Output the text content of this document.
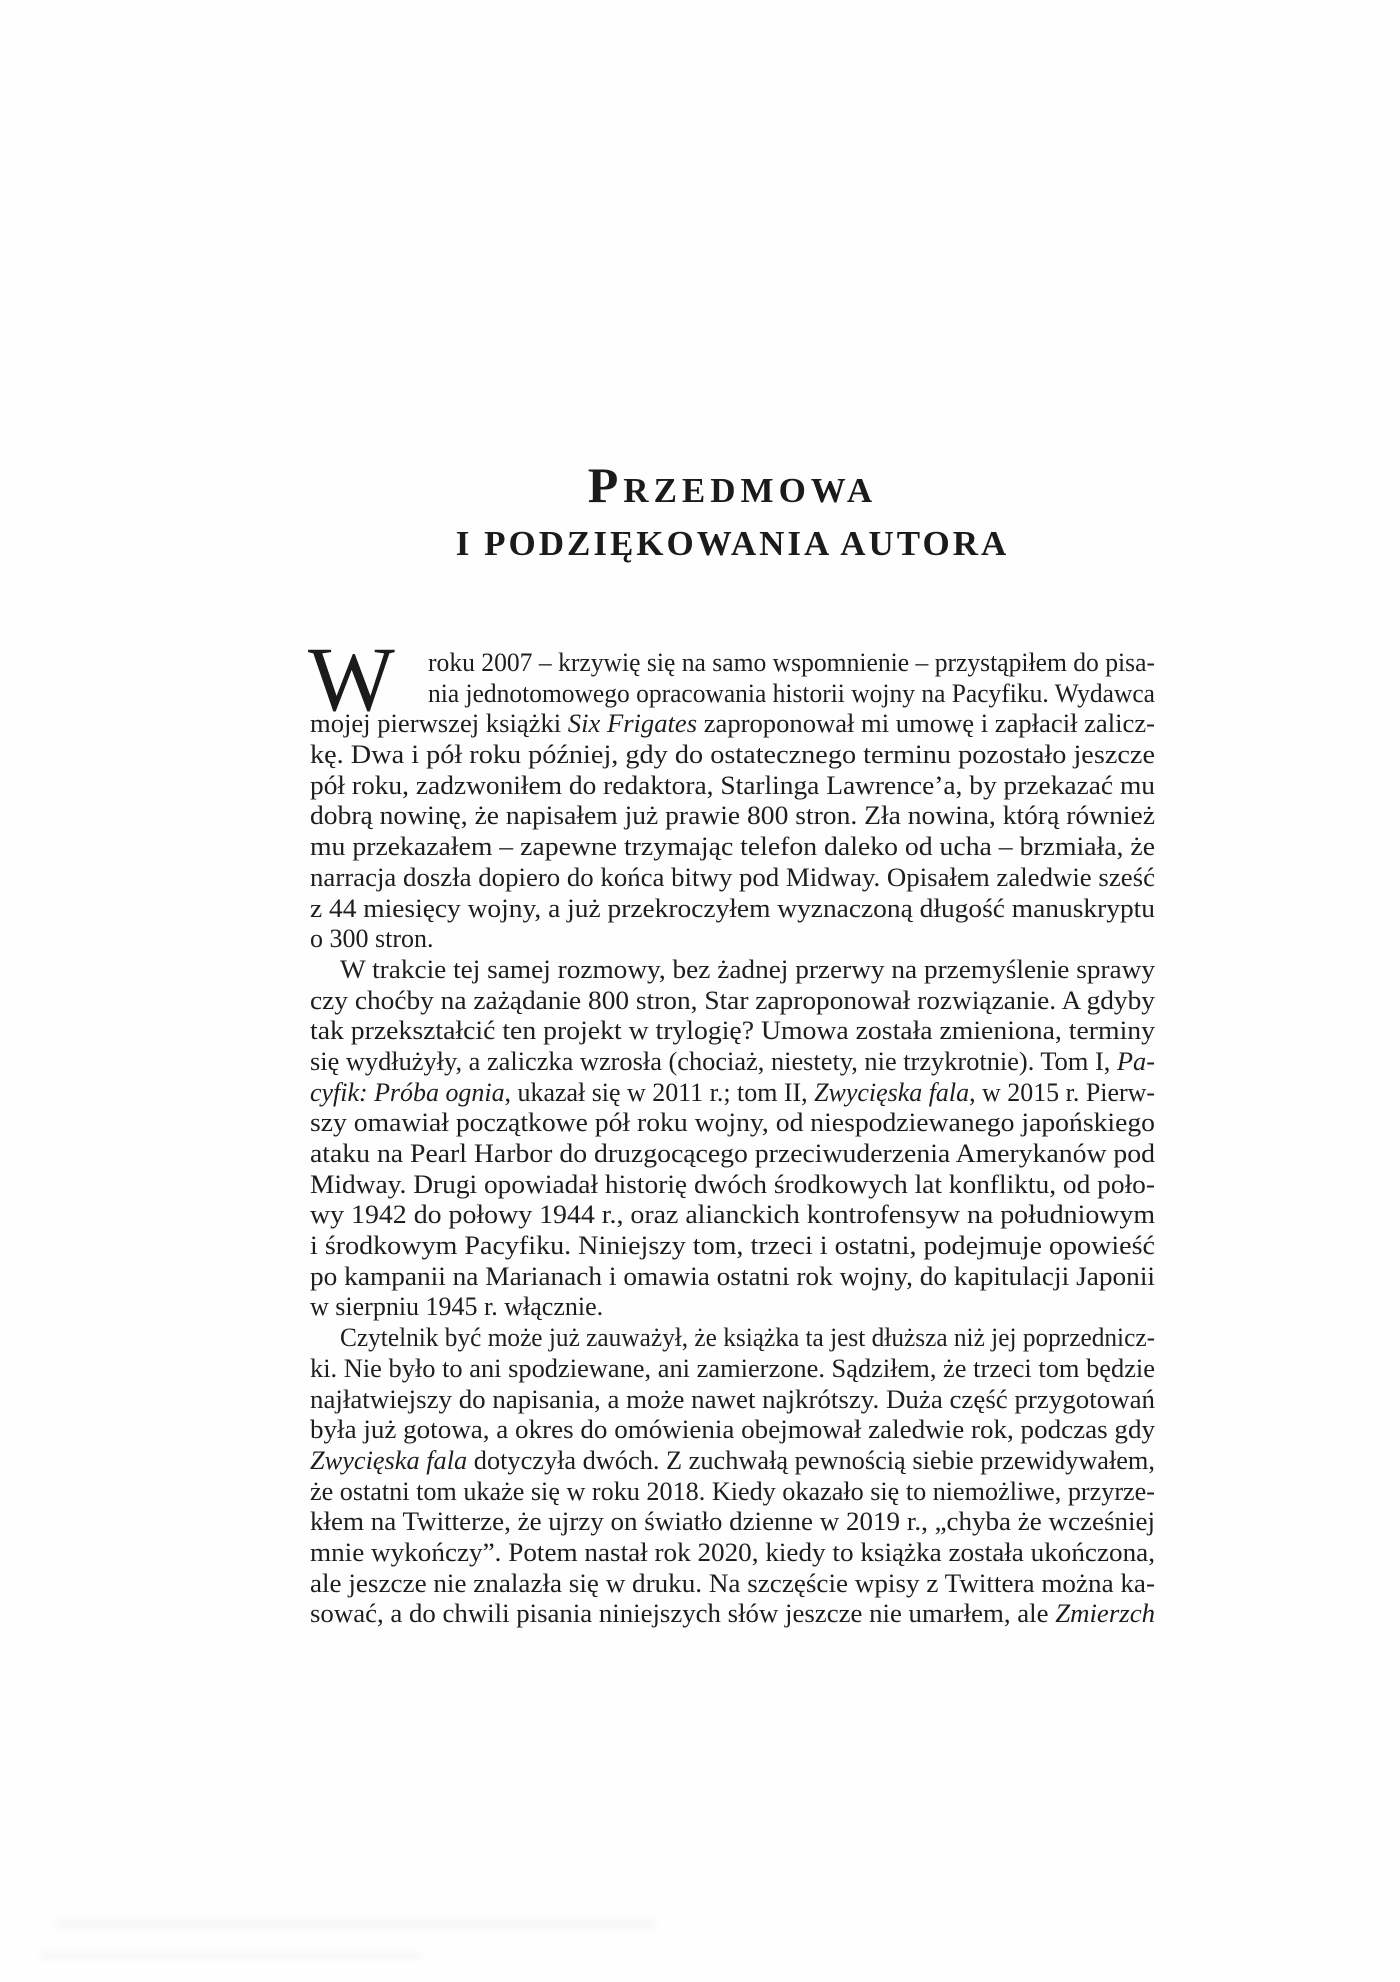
Przedmowa
I PODZIĘKOWANIA AUTORA
W	roku 2007 – krzywię się na samo wspomnienie – przystąpiłem do pisa-
nia jednotomowego opracowania historii wojny na Pacyfiku. Wydawca
mojej pierwszej książki Six Frigates zaproponował mi umowę i zapłacił zalicz-
kę. Dwa i pół roku później, gdy do ostatecznego terminu pozostało jeszcze
pół roku, zadzwoniłem do redaktora, Starlinga Lawrence’a, by przekazać mu
dobrą nowinę, że napisałem już prawie 800 stron. Zła nowina, którą również
mu przekazałem – zapewne trzymając telefon daleko od ucha – brzmiała, że
narracja doszła dopiero do końca bitwy pod Midway. Opisałem zaledwie sześć
z 44 miesięcy wojny, a już przekroczyłem wyznaczoną długość manuskryptu
o 300 stron.
W trakcie tej samej rozmowy, bez żadnej przerwy na przemyślenie sprawy
czy choćby na zażądanie 800 stron, Star zaproponował rozwiązanie. A gdyby
tak przekształcić ten projekt w trylogię? Umowa została zmieniona, terminy
się wydłużyły, a zaliczka wzrosła (chociaż, niestety, nie trzykrotnie). Tom I, Pa-
cyfik: Próba ognia, ukazał się w 2011 r.; tom II, Zwycięska fala, w 2015 r. Pierw-
szy omawiał początkowe pół roku wojny, od niespodziewanego japońskiego
ataku na Pearl Harbor do druzgocącego przeciwuderzenia Amerykanów pod
Midway. Drugi opowiadał historię dwóch środkowych lat konfliktu, od poło-
wy 1942 do połowy 1944 r., oraz alianckich kontrofensyw na południowym
i środkowym Pacyfiku. Niniejszy tom, trzeci i ostatni, podejmuje opowieść
po kampanii na Marianach i omawia ostatni rok wojny, do kapitulacji Japonii
w sierpniu 1945 r. włącznie.
Czytelnik być może już zauważył, że książka ta jest dłuższa niż jej poprzednicz-
ki. Nie było to ani spodziewane, ani zamierzone. Sądziłem, że trzeci tom będzie
najłatwiejszy do napisania, a może nawet najkrótszy. Duża część przygotowań
była już gotowa, a okres do omówienia obejmował zaledwie rok, podczas gdy
Zwycięska fala dotyczyła dwóch. Z zuchwałą pewnością siebie przewidywałem,
że ostatni tom ukaże się w roku 2018. Kiedy okazało się to niemożliwe, przyrze-
kłem na Twitterze, że ujrzy on światło dzienne w 2019 r., „chyba że wcześniej
mnie wykończy”. Potem nastał rok 2020, kiedy to książka została ukończona,
ale jeszcze nie znalazła się w druku. Na szczęście wpisy z Twittera można ka-
sować, a do chwili pisania niniejszych słów jeszcze nie umarłem, ale Zmierzch
